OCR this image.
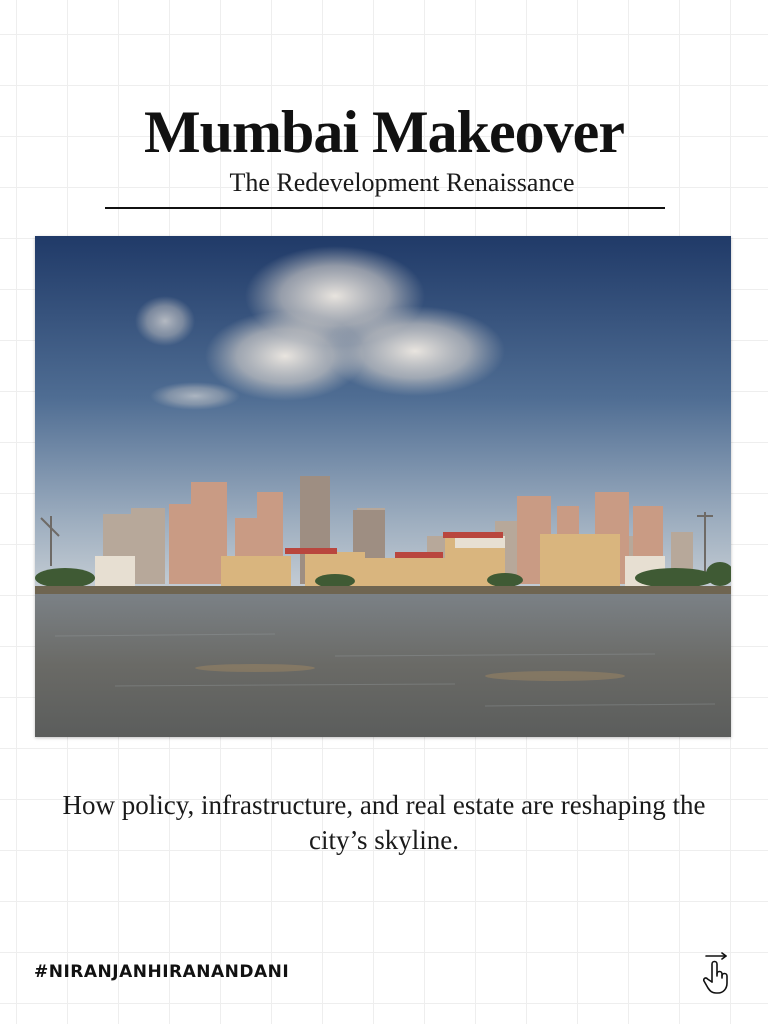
Mumbai Makeover

The Redevelopment Renaissance

How policy, infrastructure, and real estate are reshaping the city’s skyline.

#NIRANJANHIRANANDANI
